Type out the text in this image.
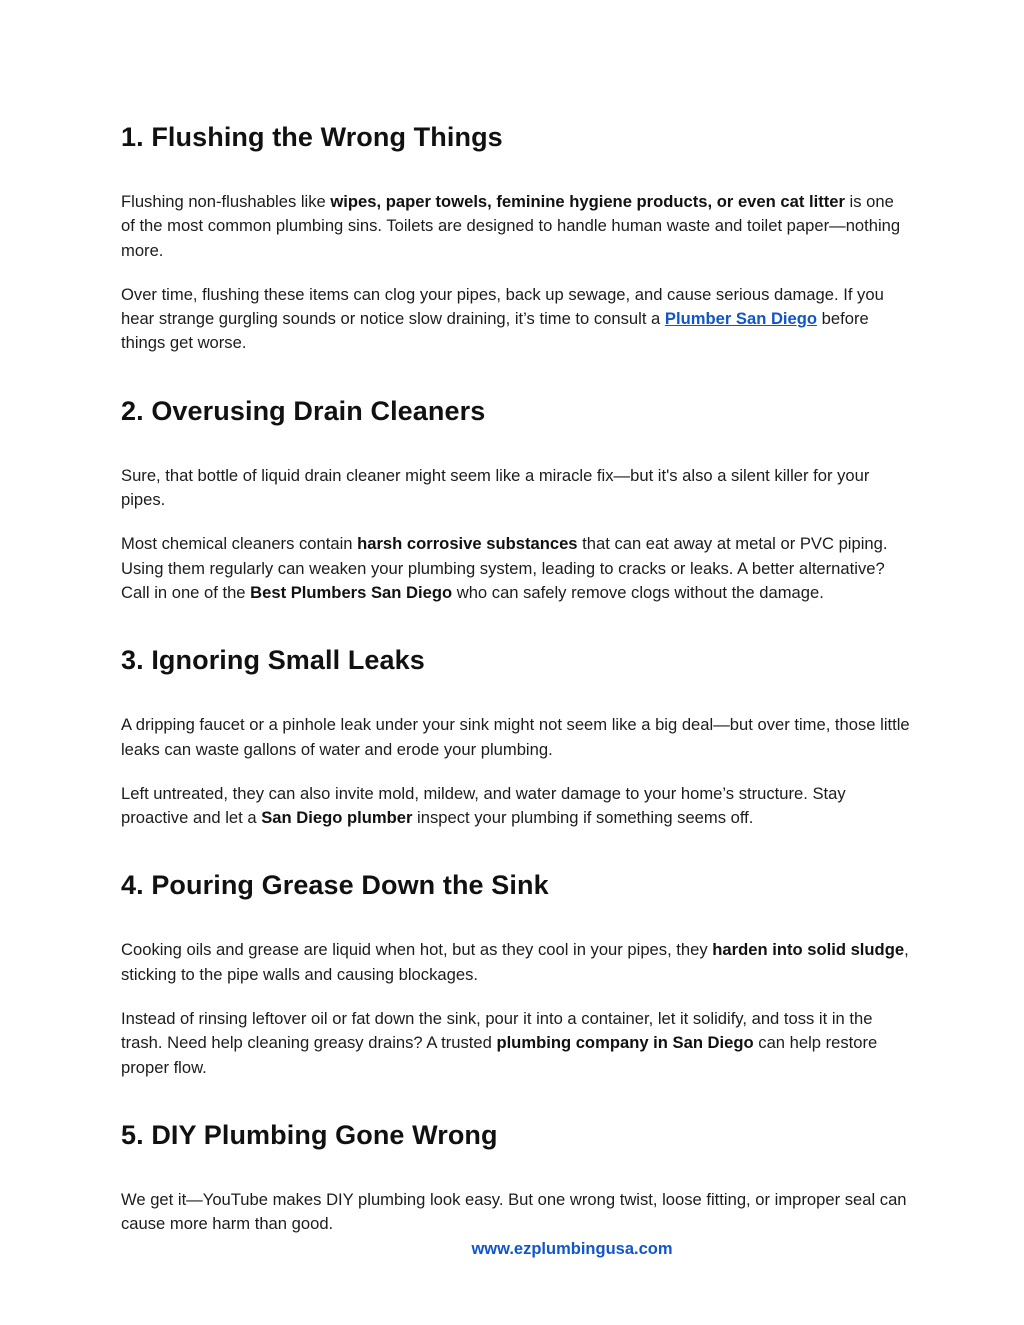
1. Flushing the Wrong Things

Flushing non-flushables like wipes, paper towels, feminine hygiene products, or even cat litter is one of the most common plumbing sins. Toilets are designed to handle human waste and toilet paper—nothing more.

Over time, flushing these items can clog your pipes, back up sewage, and cause serious damage. If you hear strange gurgling sounds or notice slow draining, it’s time to consult a Plumber San Diego before things get worse.

2. Overusing Drain Cleaners

Sure, that bottle of liquid drain cleaner might seem like a miracle fix—but it's also a silent killer for your pipes.

Most chemical cleaners contain harsh corrosive substances that can eat away at metal or PVC piping. Using them regularly can weaken your plumbing system, leading to cracks or leaks. A better alternative? Call in one of the Best Plumbers San Diego who can safely remove clogs without the damage.

3. Ignoring Small Leaks

A dripping faucet or a pinhole leak under your sink might not seem like a big deal—but over time, those little leaks can waste gallons of water and erode your plumbing.

Left untreated, they can also invite mold, mildew, and water damage to your home’s structure. Stay proactive and let a San Diego plumber inspect your plumbing if something seems off.

4. Pouring Grease Down the Sink

Cooking oils and grease are liquid when hot, but as they cool in your pipes, they harden into solid sludge, sticking to the pipe walls and causing blockages.

Instead of rinsing leftover oil or fat down the sink, pour it into a container, let it solidify, and toss it in the trash. Need help cleaning greasy drains? A trusted plumbing company in San Diego can help restore proper flow.

5. DIY Plumbing Gone Wrong

We get it—YouTube makes DIY plumbing look easy. But one wrong twist, loose fitting, or improper seal can cause more harm than good.

www.ezplumbingusa.com
